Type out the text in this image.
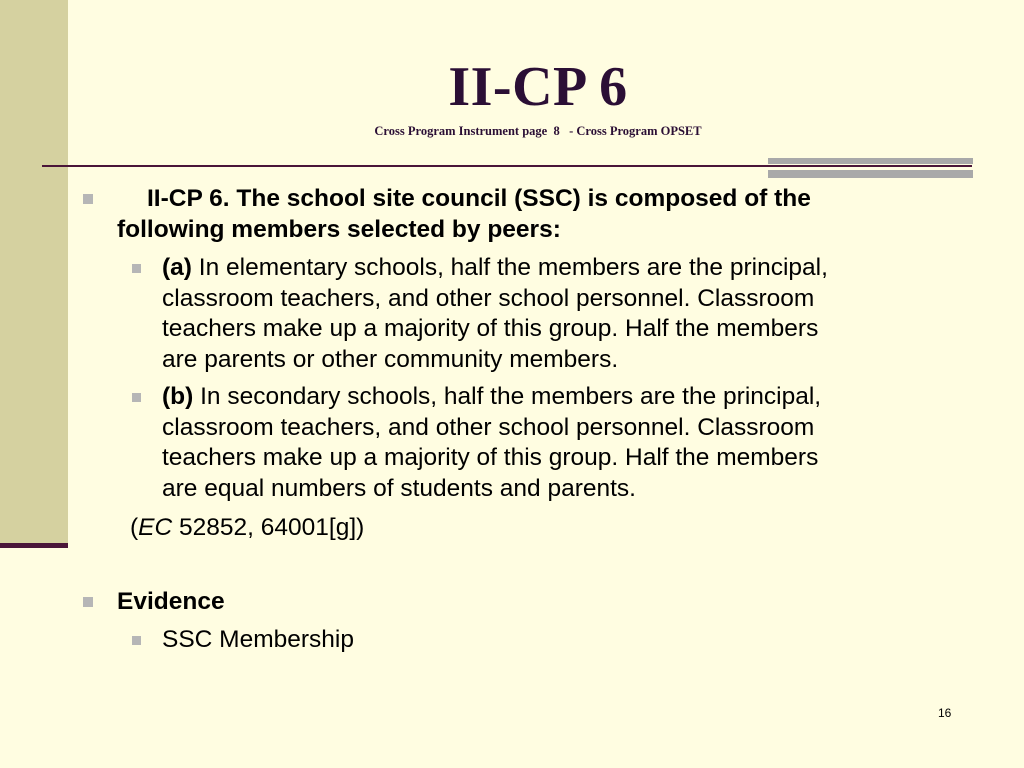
II-CP 6
Cross Program Instrument page  8   - Cross Program OPSET
II-CP 6. The school site council (SSC) is composed of the
following members selected by peers:
(a) In elementary schools, half the members are the principal,
classroom teachers, and other school personnel. Classroom
teachers make up a majority of this group. Half the members
are parents or other community members.
(b) In secondary schools, half the members are the principal,
classroom teachers, and other school personnel. Classroom
teachers make up a majority of this group. Half the members
are equal numbers of students and parents.
(EC 52852, 64001[g])
Evidence
SSC Membership
16
